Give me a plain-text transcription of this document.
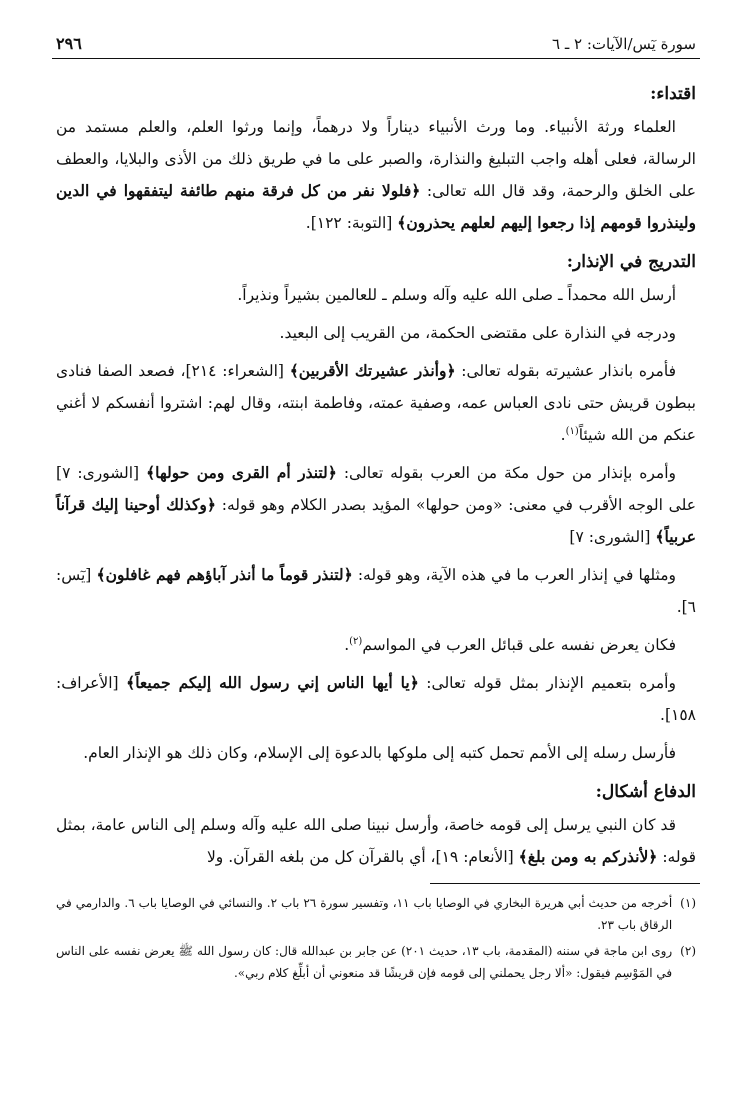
سورة يٓس/الآيات: ٢ ـ ٦
٢٩٦
اقتداء:

العلماء ورثة الأنبياء. وما ورث الأنبياء ديناراً ولا درهماً، وإنما ورثوا العلم، والعلم مستمد من الرسالة، فعلى أهله واجب التبليغ والنذارة، والصبر على ما في طريق ذلك من الأذى والبلايا، والعطف على الخلق والرحمة، وقد قال الله تعالى: ﴿فلولا نفر من كل فرقة منهم طائفة ليتفقهوا في الدين ولينذروا قومهم إذا رجعوا إليهم لعلهم يحذرون﴾ [التوبة: ١٢٢].

التدريج في الإنذار:

أرسل الله محمداً ـ صلى الله عليه وآله وسلم ـ للعالمين بشيراً ونذيراً.

ودرجه في النذارة على مقتضى الحكمة، من القريب إلى البعيد.

فأمره بانذار عشيرته بقوله تعالى: ﴿وأنذر عشيرتك الأقربين﴾ [الشعراء: ٢١٤]، فصعد الصفا فنادى ببطون قريش حتى نادى العباس عمه، وصفية عمته، وفاطمة ابنته، وقال لهم: اشتروا أنفسكم لا أغني عنكم من الله شيئاً$^{(١)}$.

وأمره بإنذار من حول مكة من العرب بقوله تعالى: ﴿لتنذر أم القرى ومن حولها﴾ [الشورى: ٧] على الوجه الأقرب في معنى: «ومن حولها» المؤيد بصدر الكلام وهو قوله: ﴿وكذلك أوحينا إليك قرآناً عربياً﴾ [الشورى: ٧]

ومثلها في إنذار العرب ما في هذه الآية، وهو قوله: ﴿لتنذر قوماً ما أنذر آباؤهم فهم غافلون﴾ [يٓس: ٦].

فكان يعرض نفسه على قبائل العرب في المواسم$^{(٢)}$.

وأمره بتعميم الإنذار بمثل قوله تعالى: ﴿يا أيها الناس إني رسول الله إليكم جميعاً﴾ [الأعراف: ١٥٨].

فأرسل رسله إلى الأمم تحمل كتبه إلى ملوكها بالدعوة إلى الإسلام، وكان ذلك هو الإنذار العام.

الدفاع أشكال:

قد كان النبي يرسل إلى قومه خاصة، وأرسل نبينا صلى الله عليه وآله وسلم إلى الناس عامة، بمثل قوله: ﴿لأنذركم به ومن بلغ﴾ [الأنعام: ١٩]، أي بالقرآن كل من بلغه القرآن. ولا

(١)
أخرجه من حديث أبي هريرة البخاري في الوصايا باب ١١، وتفسير سورة ٢٦ باب ٢. والنسائي في الوصايا باب ٦. والدارمي في الرقاق باب ٢٣.
(٢)
روى ابن ماجة في سننه (المقدمة، باب ١٣، حديث ٢٠١) عن جابر بن عبدالله قال: كان رسول الله ﷺ يعرض نفسه على الناس في المَوْسِم فيقول: «ألا رجل يحملني إلى قومه فإن قريشًا قد منعوني أن أبلِّغ كلام ربي».
